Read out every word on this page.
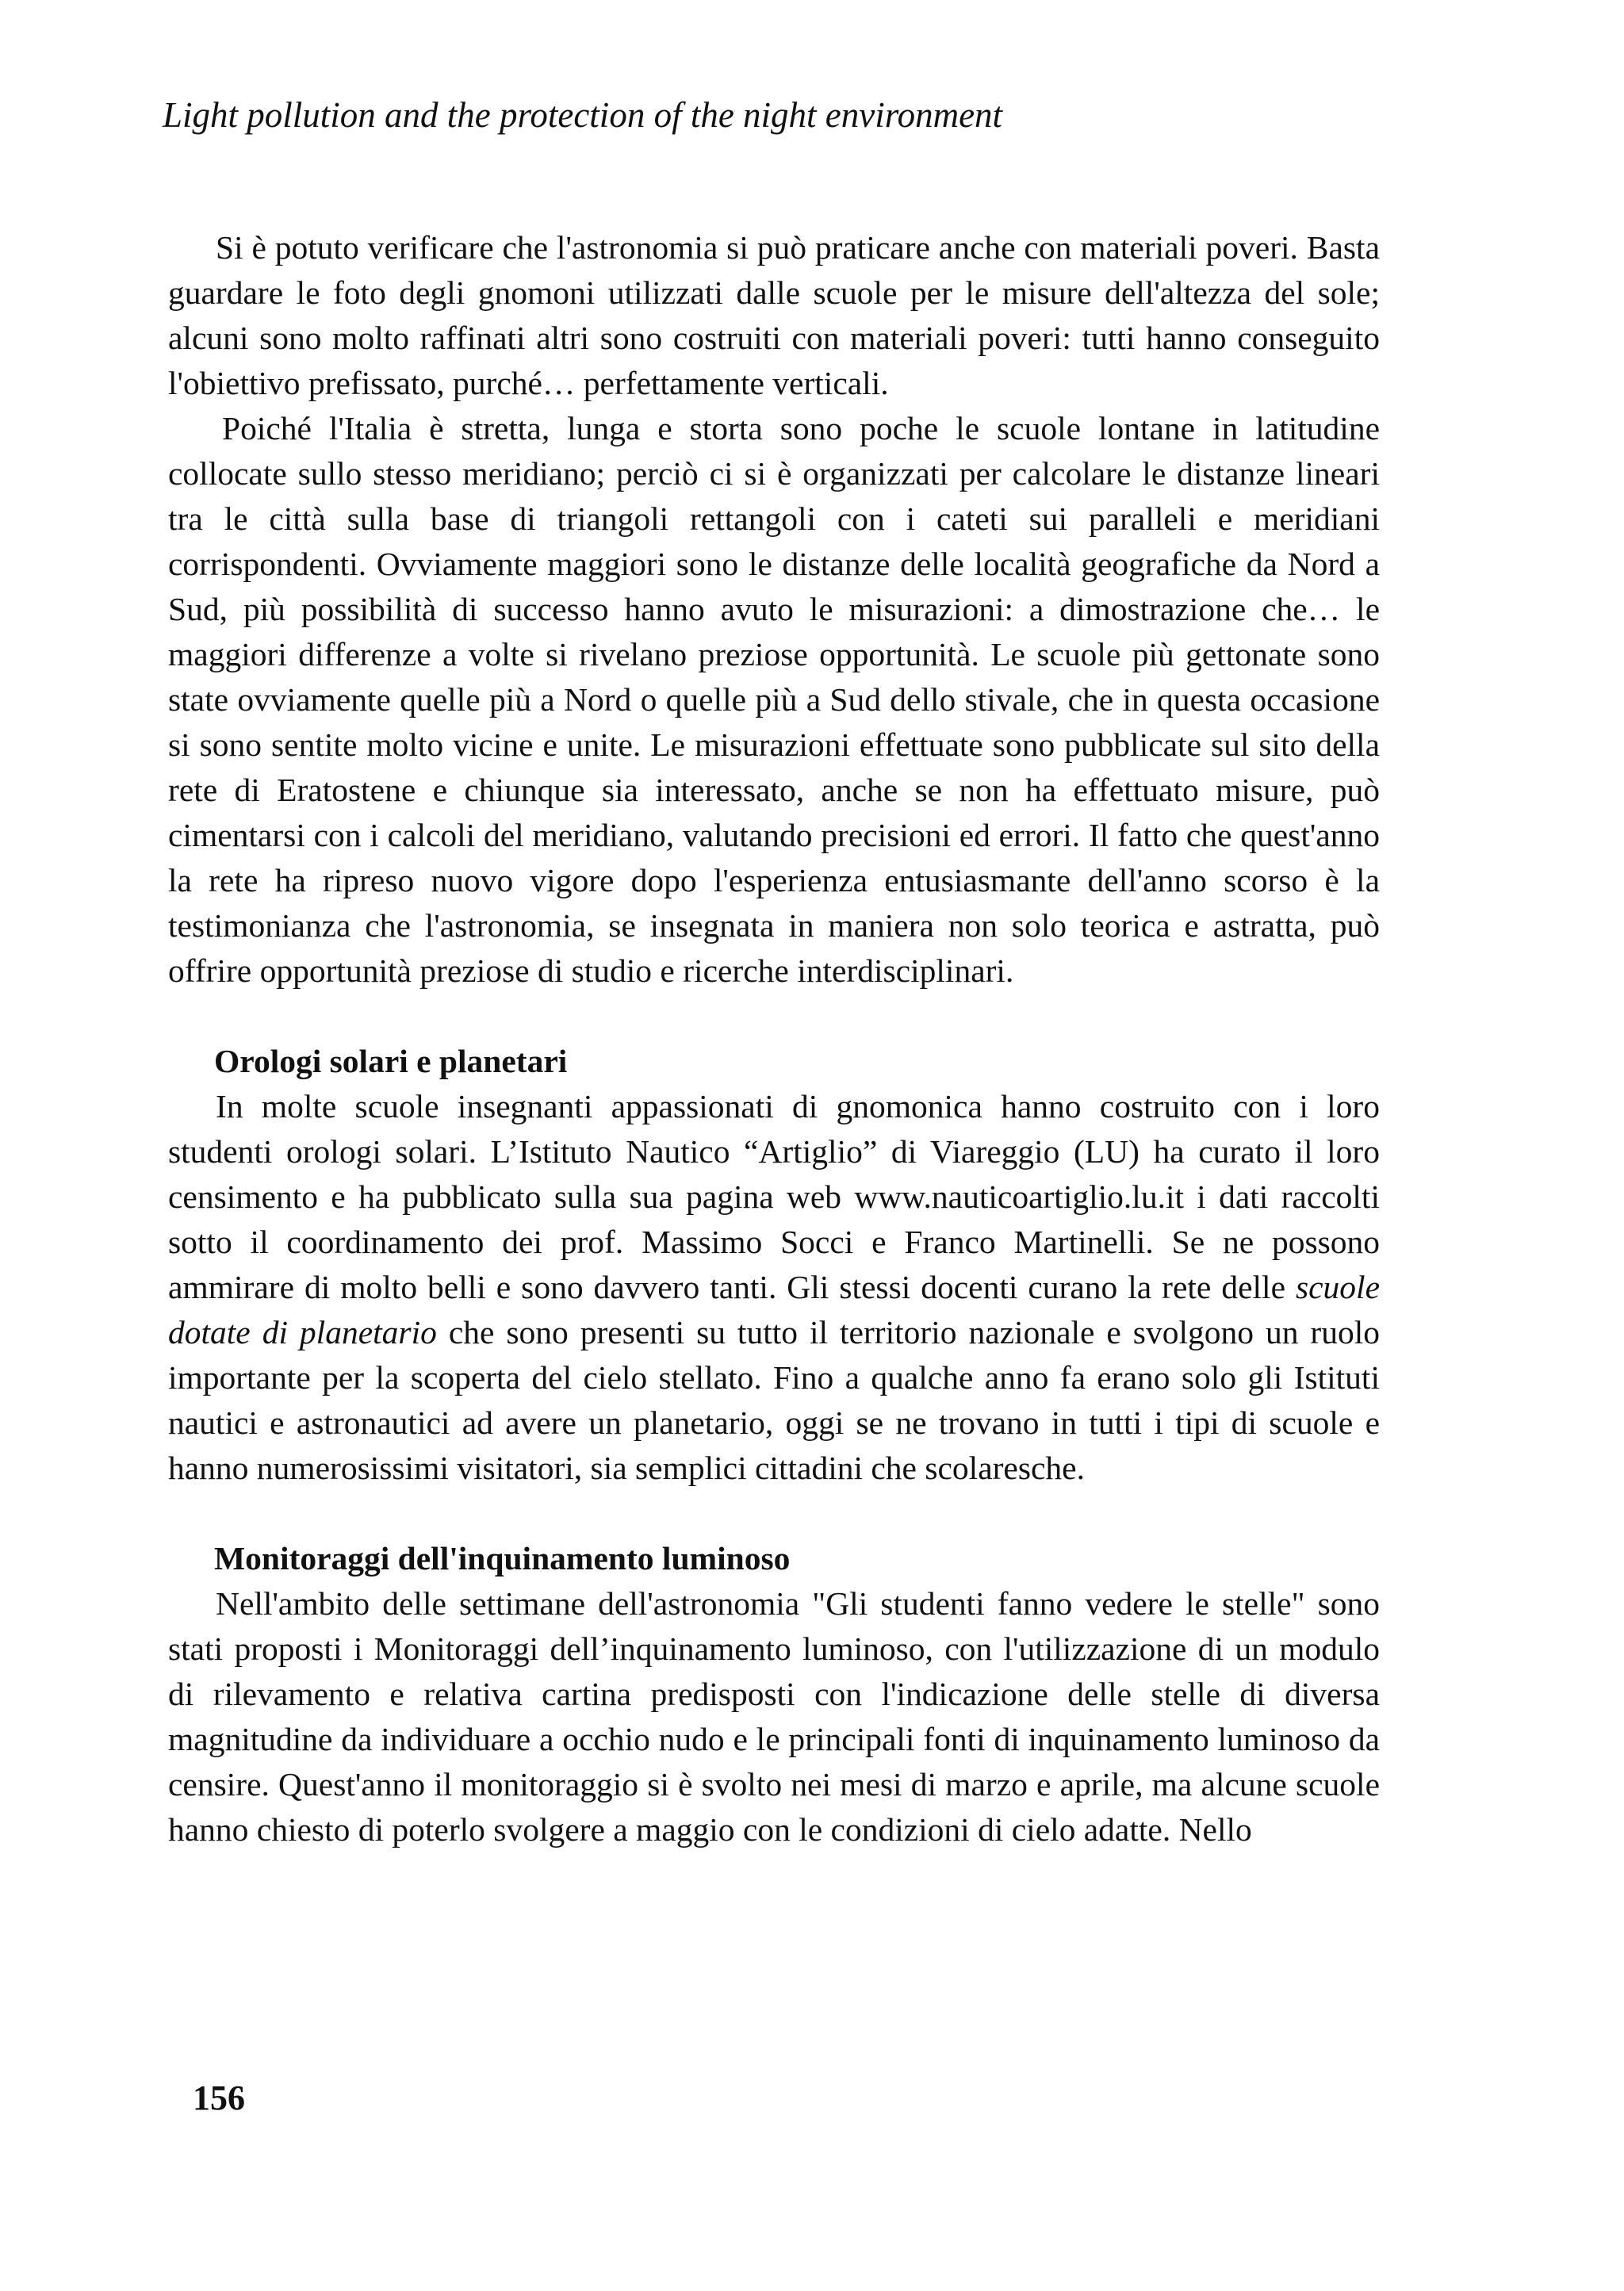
Light pollution and the protection of the night environment

Si è potuto verificare che l'astronomia si può praticare anche con materiali poveri. Basta guardare le foto degli gnomoni utilizzati dalle scuole per le misure dell'altezza del sole; alcuni sono molto raffinati altri sono costruiti con materiali poveri: tutti hanno conseguito l'obiettivo prefissato, purché… perfettamente verticali.

Poiché l'Italia è stretta, lunga e storta sono poche le scuole lontane in latitudine collocate sullo stesso meridiano; perciò ci si è organizzati per calcolare le distanze lineari tra le città sulla base di triangoli rettangoli con i cateti sui paralleli e meridiani corrispondenti. Ovviamente maggiori sono le distanze delle località geografiche da Nord a Sud, più possibilità di successo hanno avuto le misurazioni: a dimostrazione che… le maggiori differenze a volte si rivelano preziose opportunità. Le scuole più gettonate sono state ovviamente quelle più a Nord o quelle più a Sud dello stivale, che in questa occasione si sono sentite molto vicine e unite. Le misurazioni effettuate sono pubblicate sul sito della rete di Eratostene e chiunque sia interessato, anche se non ha effettuato misure, può cimentarsi con i calcoli del meridiano, valutando precisioni ed errori. Il fatto che quest'anno la rete ha ripreso nuovo vigore dopo l'esperienza entusiasmante dell'anno scorso è la testimonianza che l'astronomia, se insegnata in maniera non solo teorica e astratta, può offrire opportunità preziose di studio e ricerche interdisciplinari.

Orologi solari e planetari

In molte scuole insegnanti appassionati di gnomonica hanno costruito con i loro studenti orologi solari. L’Istituto Nautico “Artiglio” di Viareggio (LU) ha curato il loro censimento e ha pubblicato sulla sua pagina web www.nauticoartiglio.lu.it i dati raccolti sotto il coordinamento dei prof. Massimo Socci e Franco Martinelli. Se ne possono ammirare di molto belli e sono davvero tanti. Gli stessi docenti curano la rete delle scuole dotate di planetario che sono presenti su tutto il territorio nazionale e svolgono un ruolo importante per la scoperta del cielo stellato. Fino a qualche anno fa erano solo gli Istituti nautici e astronautici ad avere un planetario, oggi se ne trovano in tutti i tipi di scuole e hanno numerosissimi visitatori, sia semplici cittadini che scolaresche.

Monitoraggi dell'inquinamento luminoso

Nell'ambito delle settimane dell'astronomia "Gli studenti fanno vedere le stelle" sono stati proposti i Monitoraggi dell’inquinamento luminoso, con l'utilizzazione di un modulo di rilevamento e relativa cartina predisposti con l'indicazione delle stelle di diversa magnitudine da individuare a occhio nudo e le principali fonti di inquinamento luminoso da censire. Quest'anno il monitoraggio si è svolto nei mesi di marzo e aprile, ma alcune scuole hanno chiesto di poterlo svolgere a maggio con le condizioni di cielo adatte. Nello

156
